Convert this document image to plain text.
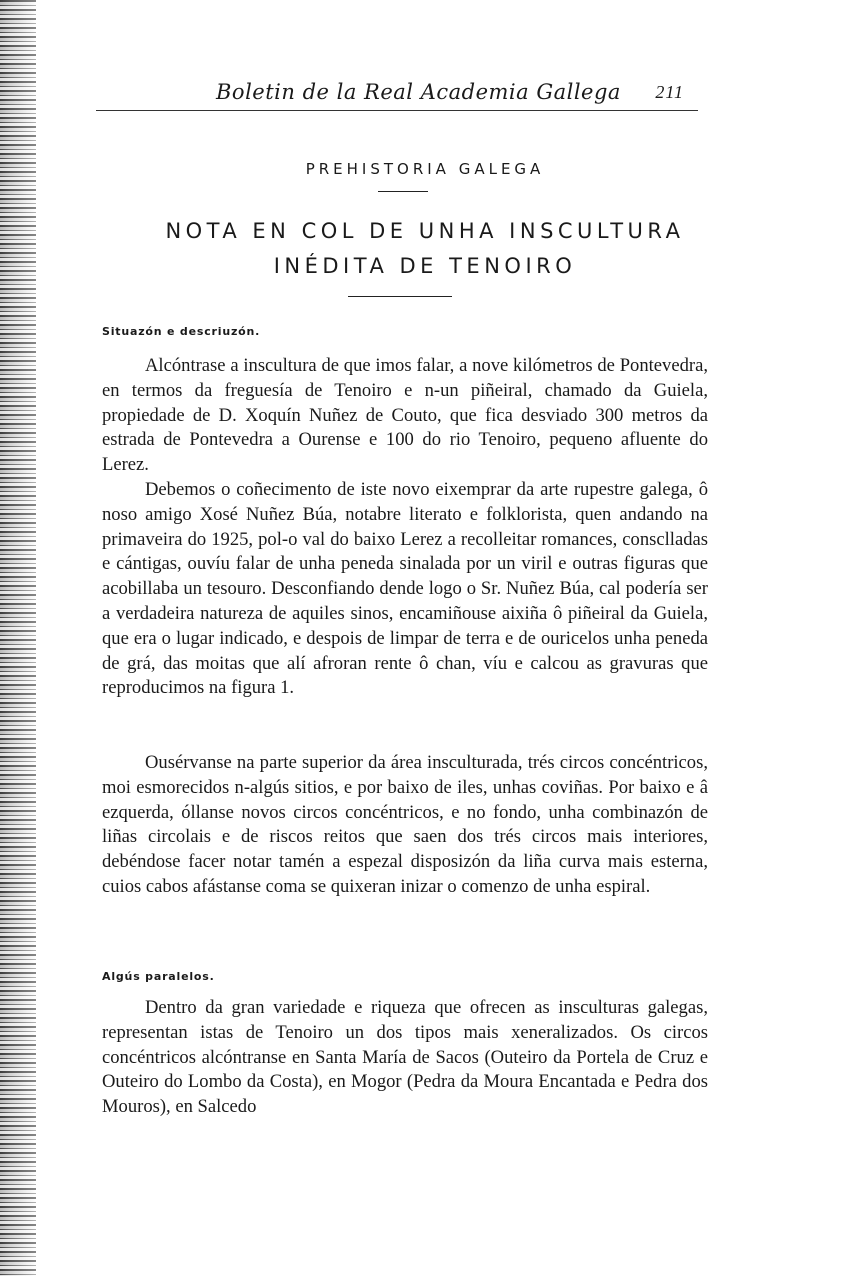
Boletin de la Real Academia Gallega 211
PREHISTORIA GALEGA
NOTA EN COL DE UNHA INSCULTURA
INÉDITA DE TENOIRO
Situazón e descriuzón.

Alcóntrase a inscultura de que imos falar, a nove kilómetros de Pontevedra, en termos da freguesía de Tenoiro e n-un piñeiral, chamado da Guiela, propiedade de D. Xoquín Nuñez de Couto, que fica desviado 300 metros da estrada de Pontevedra a Ourense e 100 do rio Tenoiro, pequeno afluente do Lerez.

Debemos o coñecimento de iste novo eixemprar da arte rupestre galega, ô noso amigo Xosé Nuñez Búa, notabre literato e folklorista, quen andando na primaveira do 1925, pol-o val do baixo Lerez a recolleitar romances, consclladas e cántigas, ouvíu falar de unha peneda sinalada por un viril e outras figuras que acobillaba un tesouro. Desconfiando dende logo o Sr. Nuñez Búa, cal podería ser a verdadeira natureza de aquiles sinos, encamiñouse aixiña ô piñeiral da Guiela, que era o lugar indicado, e despois de limpar de terra e de ouricelos unha peneda de grá, das moitas que alí afroran rente ô chan, víu e calcou as gravuras que reproducimos na figura 1.

Ousérvanse na parte superior da área insculturada, trés circos concéntricos, moi esmorecidos n-algús sitios, e por baixo de iles, unhas coviñas. Por baixo e â ezquerda, óllanse novos circos concéntricos, e no fondo, unha combinazón de liñas circolais e de riscos reitos que saen dos trés circos mais interiores, debéndose facer notar tamén a espezal disposizón da liña curva mais esterna, cuios cabos afástanse coma se quixeran inizar o comenzo de unha espiral.

Algús paralelos.

Dentro da gran variedade e riqueza que ofrecen as insculturas galegas, representan istas de Tenoiro un dos tipos mais xeneralizados. Os circos concéntricos alcóntranse en Santa María de Sacos (Outeiro da Portela de Cruz e Outeiro do Lombo da Costa), en Mogor (Pedra da Moura Encantada e Pedra dos Mouros), en Salcedo
